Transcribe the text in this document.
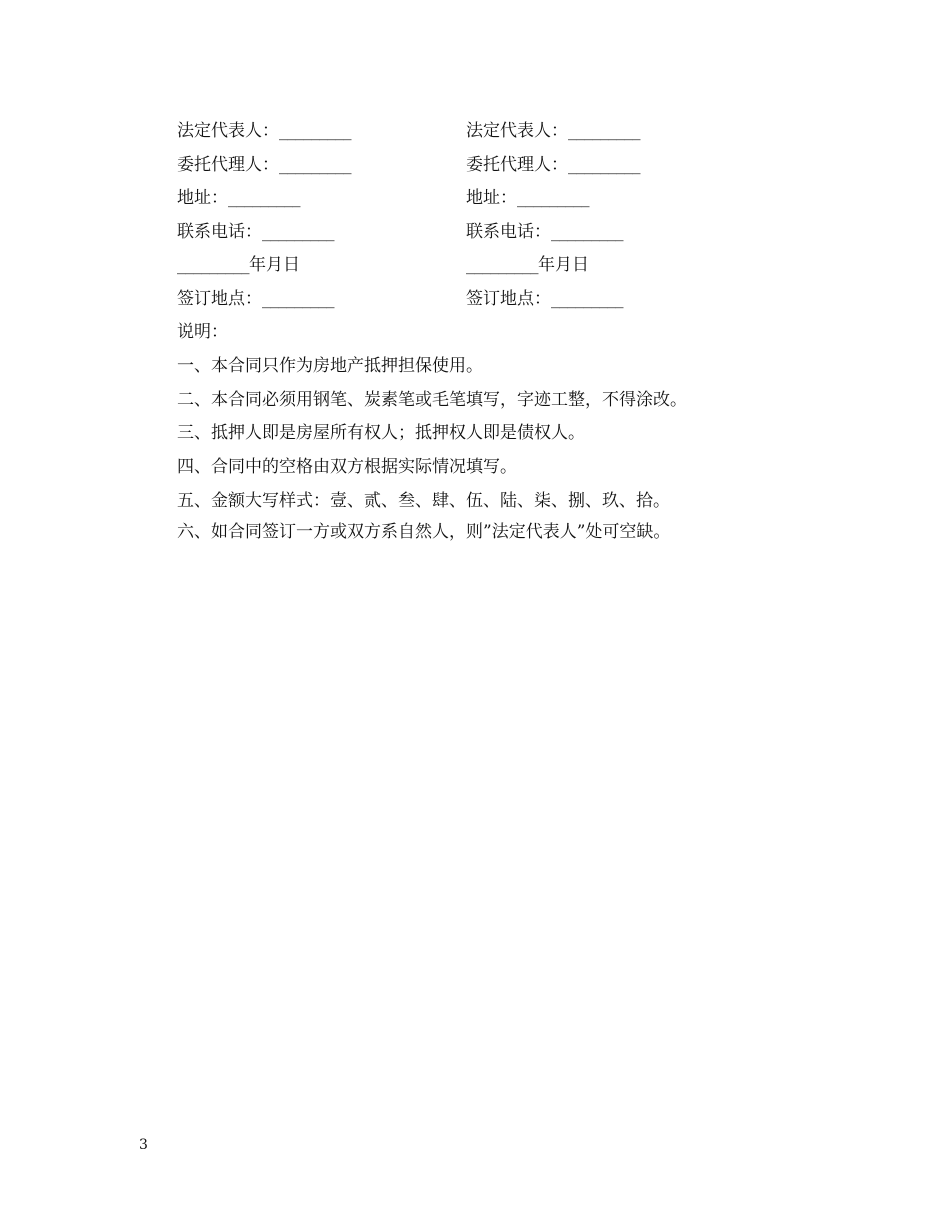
法定代表人：_________	法定代表人：_________
委托代理人：_________	委托代理人：_________
地址：_________	地址：_________
联系电话：_________	联系电话：_________
_________年月日	_________年月日
签订地点：_________	签订地点：_________
说明：
一、本合同只作为房地产抵押担保使用。
二、本合同必须用钢笔、炭素笔或毛笔填写，字迹工整，不得涂改。
三、抵押人即是房屋所有权人；抵押权人即是债权人。
四、合同中的空格由双方根据实际情况填写。
五、金额大写样式：壹、贰、叁、肆、伍、陆、柒、捌、玖、拾。
六、如合同签订一方或双方系自然人，则”法定代表人”处可空缺。
3
